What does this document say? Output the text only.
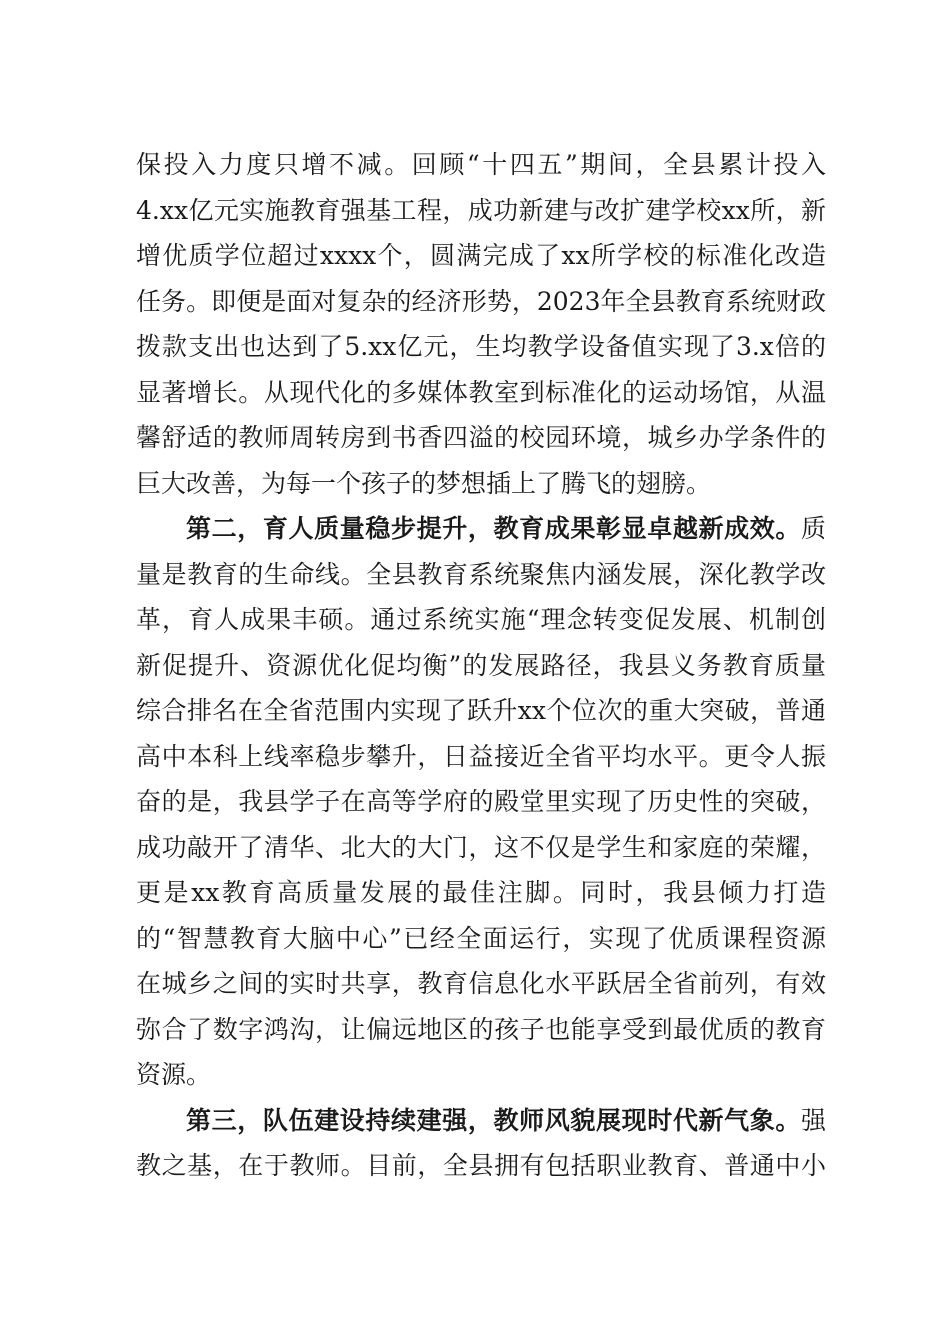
保投入力度只增不减。回顾“十四五”期间，全县累计投入
4.xx亿元实施教育强基工程，成功新建与改扩建学校xx所，新
增优质学位超过xxxx个，圆满完成了xx所学校的标准化改造
任务。即便是面对复杂的经济形势，2023年全县教育系统财政
拨款支出也达到了5.xx亿元，生均教学设备值实现了3.x倍的
显著增长。从现代化的多媒体教室到标准化的运动场馆，从温
馨舒适的教师周转房到书香四溢的校园环境，城乡办学条件的
巨大改善，为每一个孩子的梦想插上了腾飞的翅膀。
第二，育人质量稳步提升，教育成果彰显卓越新成效。质
量是教育的生命线。全县教育系统聚焦内涵发展，深化教学改
革，育人成果丰硕。通过系统实施“理念转变促发展、机制创
新促提升、资源优化促均衡”的发展路径，我县义务教育质量
综合排名在全省范围内实现了跃升xx个位次的重大突破，普通
高中本科上线率稳步攀升，日益接近全省平均水平。更令人振
奋的是，我县学子在高等学府的殿堂里实现了历史性的突破，
成功敲开了清华、北大的大门，这不仅是学生和家庭的荣耀，
更是xx教育高质量发展的最佳注脚。同时，我县倾力打造
的“智慧教育大脑中心”已经全面运行，实现了优质课程资源
在城乡之间的实时共享，教育信息化水平跃居全省前列，有效
弥合了数字鸿沟，让偏远地区的孩子也能享受到最优质的教育
资源。
第三，队伍建设持续建强，教师风貌展现时代新气象。强
教之基，在于教师。目前，全县拥有包括职业教育、普通中小
